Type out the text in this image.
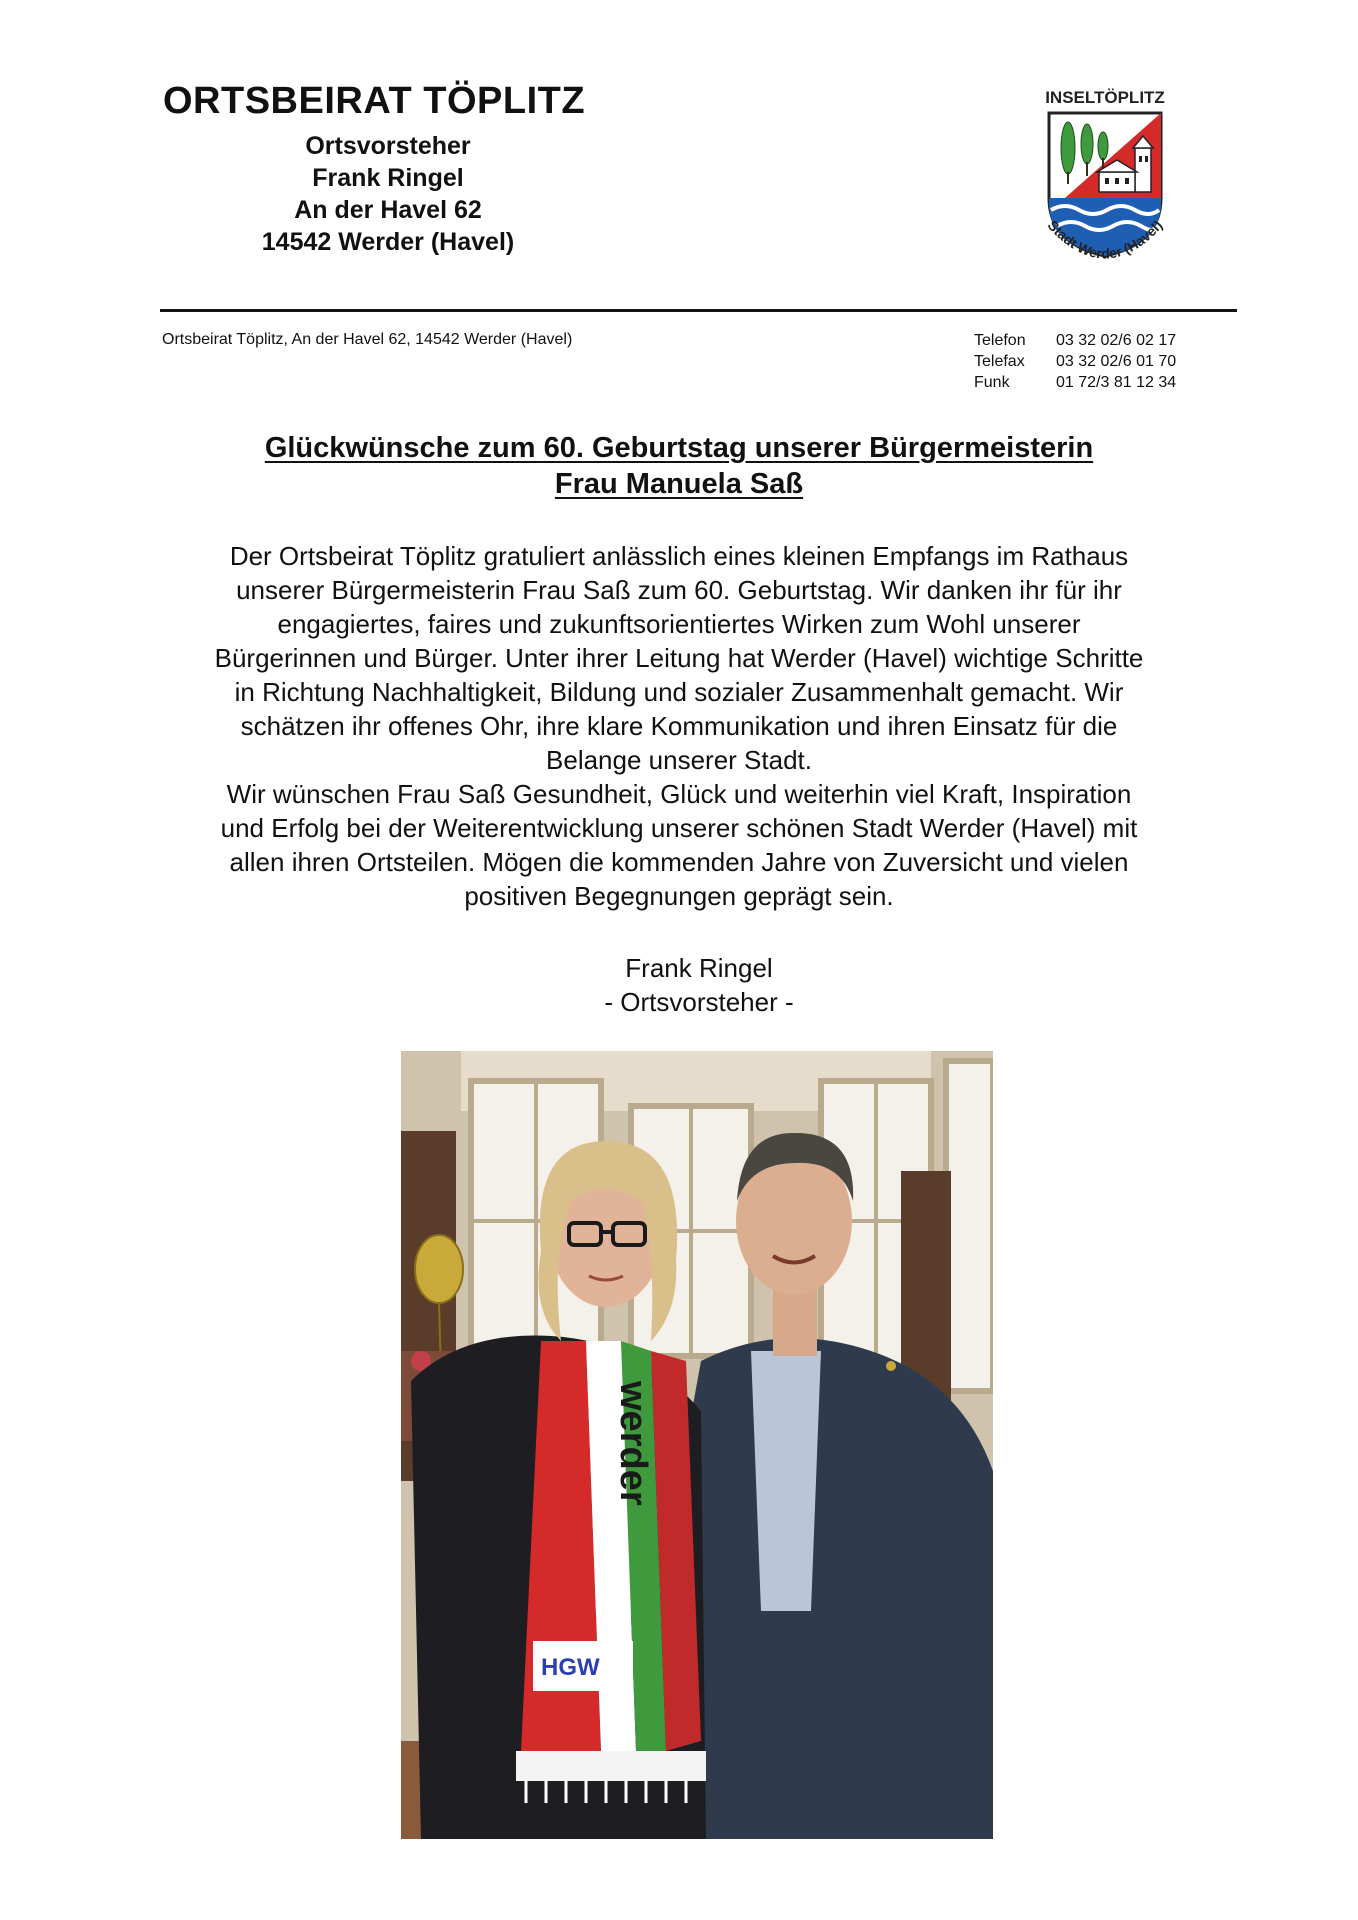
ORTSBEIRAT TÖPLITZ
Ortsvorsteher
Frank Ringel
An der Havel 62
14542 Werder (Havel)
INSELTÖPLITZ
Stadt Werder (Havel)
Ortsbeirat Töplitz, An der Havel 62, 14542 Werder (Havel)	Telefon	03 32 02/6 02 17
Telefax	03 32 02/6 01 70
Funk	01 72/3 81 12 34
Glückwünsche zum 60. Geburtstag unserer Bürgermeisterin
Frau Manuela Saß
Der Ortsbeirat Töplitz gratuliert anlässlich eines kleinen Empfangs im Rathaus
unserer Bürgermeisterin Frau Saß zum 60. Geburtstag. Wir danken ihr für ihr
engagiertes, faires und zukunftsorientiertes Wirken zum Wohl unserer
Bürgerinnen und Bürger. Unter ihrer Leitung hat Werder (Havel) wichtige Schritte
in Richtung Nachhaltigkeit, Bildung und sozialer Zusammenhalt gemacht. Wir
schätzen ihr offenes Ohr, ihre klare Kommunikation und ihren Einsatz für die
Belange unserer Stadt.
Wir wünschen Frau Saß Gesundheit, Glück und weiterhin viel Kraft, Inspiration
und Erfolg bei der Weiterentwicklung unserer schönen Stadt Werder (Havel) mit
allen ihren Ortsteilen. Mögen die kommenden Jahre von Zuversicht und vielen
positiven Begegnungen geprägt sein.
Frank Ringel
- Ortsvorsteher -
werder
HGW
